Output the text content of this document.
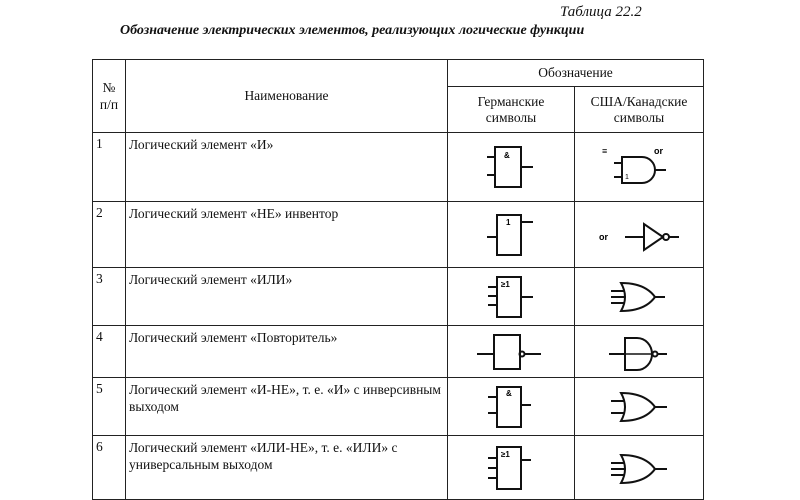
Таблица 22.2
Обозначение электрических элементов, реализующих логические функции
№ п/п	Наименование	Обозначение	

		Германские символы	США/Канадские символы

1	Логический элемент «И»	&	≡ or
1

2	Логический элемент «НЕ» инвентор	1	or

3	Логический элемент «ИЛИ»	≥1

4	Логический элемент «Повторитель»	

5	Логический элемент «И-НЕ», т. е. «И» с инверсивным выходом	&

6	Логический элемент «ИЛИ-НЕ», т. е. «ИЛИ» с универсальным выходом	≥1
